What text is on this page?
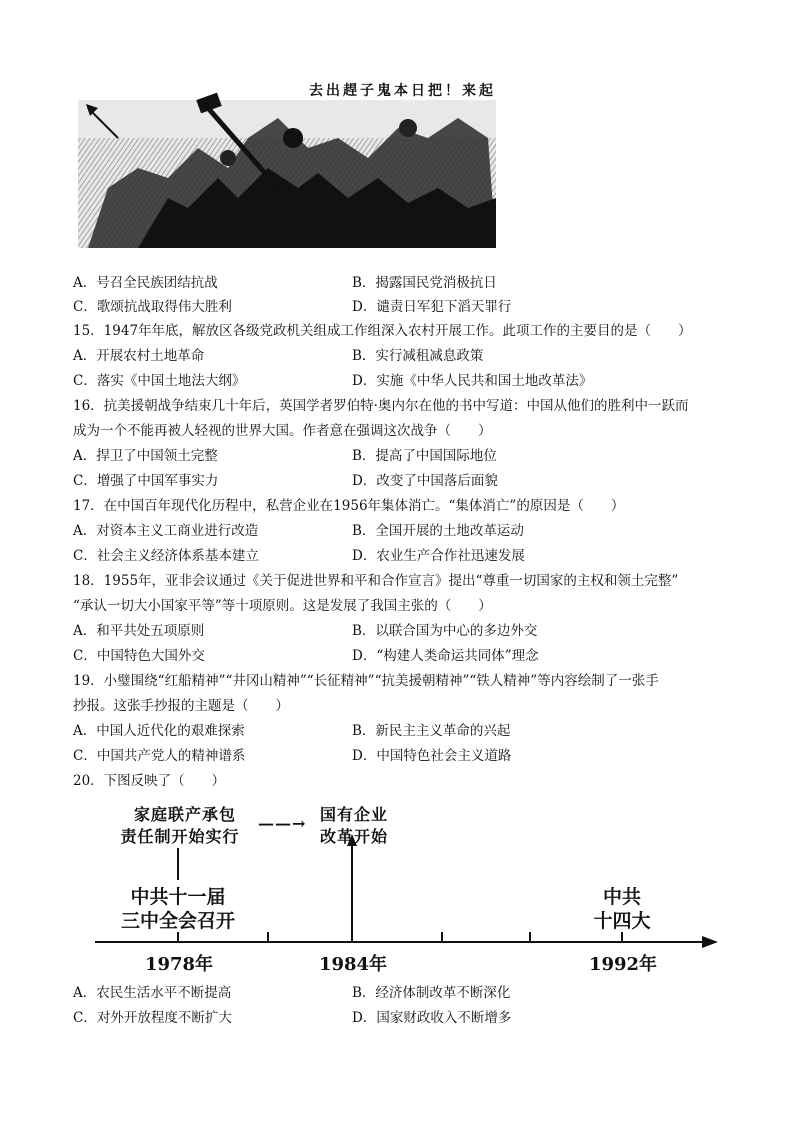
去出趕子鬼本日把！来起
A．号召全民族团结抗战	B．揭露国民党消极抗日
C．歌颂抗战取得伟大胜利	D．谴责日军犯下滔天罪行
15．1947年年底，解放区各级党政机关组成工作组深入农村开展工作。此项工作的主要目的是（　　）
A．开展农村土地革命	B．实行减租减息政策
C．落实《中国土地法大纲》	D．实施《中华人民共和国土地改革法》
16．抗美援朝战争结束几十年后，英国学者罗伯特·奥内尔在他的书中写道：中国从他们的胜利中一跃而
成为一个不能再被人轻视的世界大国。作者意在强调这次战争（　　）
A．捍卫了中国领土完整	B．提高了中国国际地位
C．增强了中国军事实力	D．改变了中国落后面貌
17．在中国百年现代化历程中，私营企业在1956年集体消亡。“集体消亡”的原因是（　　）
A．对资本主义工商业进行改造	B．全国开展的土地改革运动
C．社会主义经济体系基本建立	D．农业生产合作社迅速发展
18．1955年，亚非会议通过《关于促进世界和平和合作宣言》提出“尊重一切国家的主权和领土完整”
“承认一切大小国家平等”等十项原则。这是发展了我国主张的（　　）
A．和平共处五项原则	B．以联合国为中心的多边外交
C．中国特色大国外交	D．“构建人类命运共同体”理念
19．小璧围绕“红船精神”“井冈山精神”“长征精神”“抗美援朝精神”“铁人精神”等内容绘制了一张手
抄报。这张手抄报的主题是（　　）
A．中国人近代化的艰难探索	B．新民主主义革命的兴起
C．中国共产党人的精神谱系	D．中国特色社会主义道路
20．下图反映了（　　）
家庭联产承包
责任制开始实行
——→ 国有企业
改革开始
中共十一届
三中全会召开
中共
十四大
1978年	1984年	1992年
A．农民生活水平不断提高	B．经济体制改革不断深化
C．对外开放程度不断扩大	D．国家财政收入不断增多
